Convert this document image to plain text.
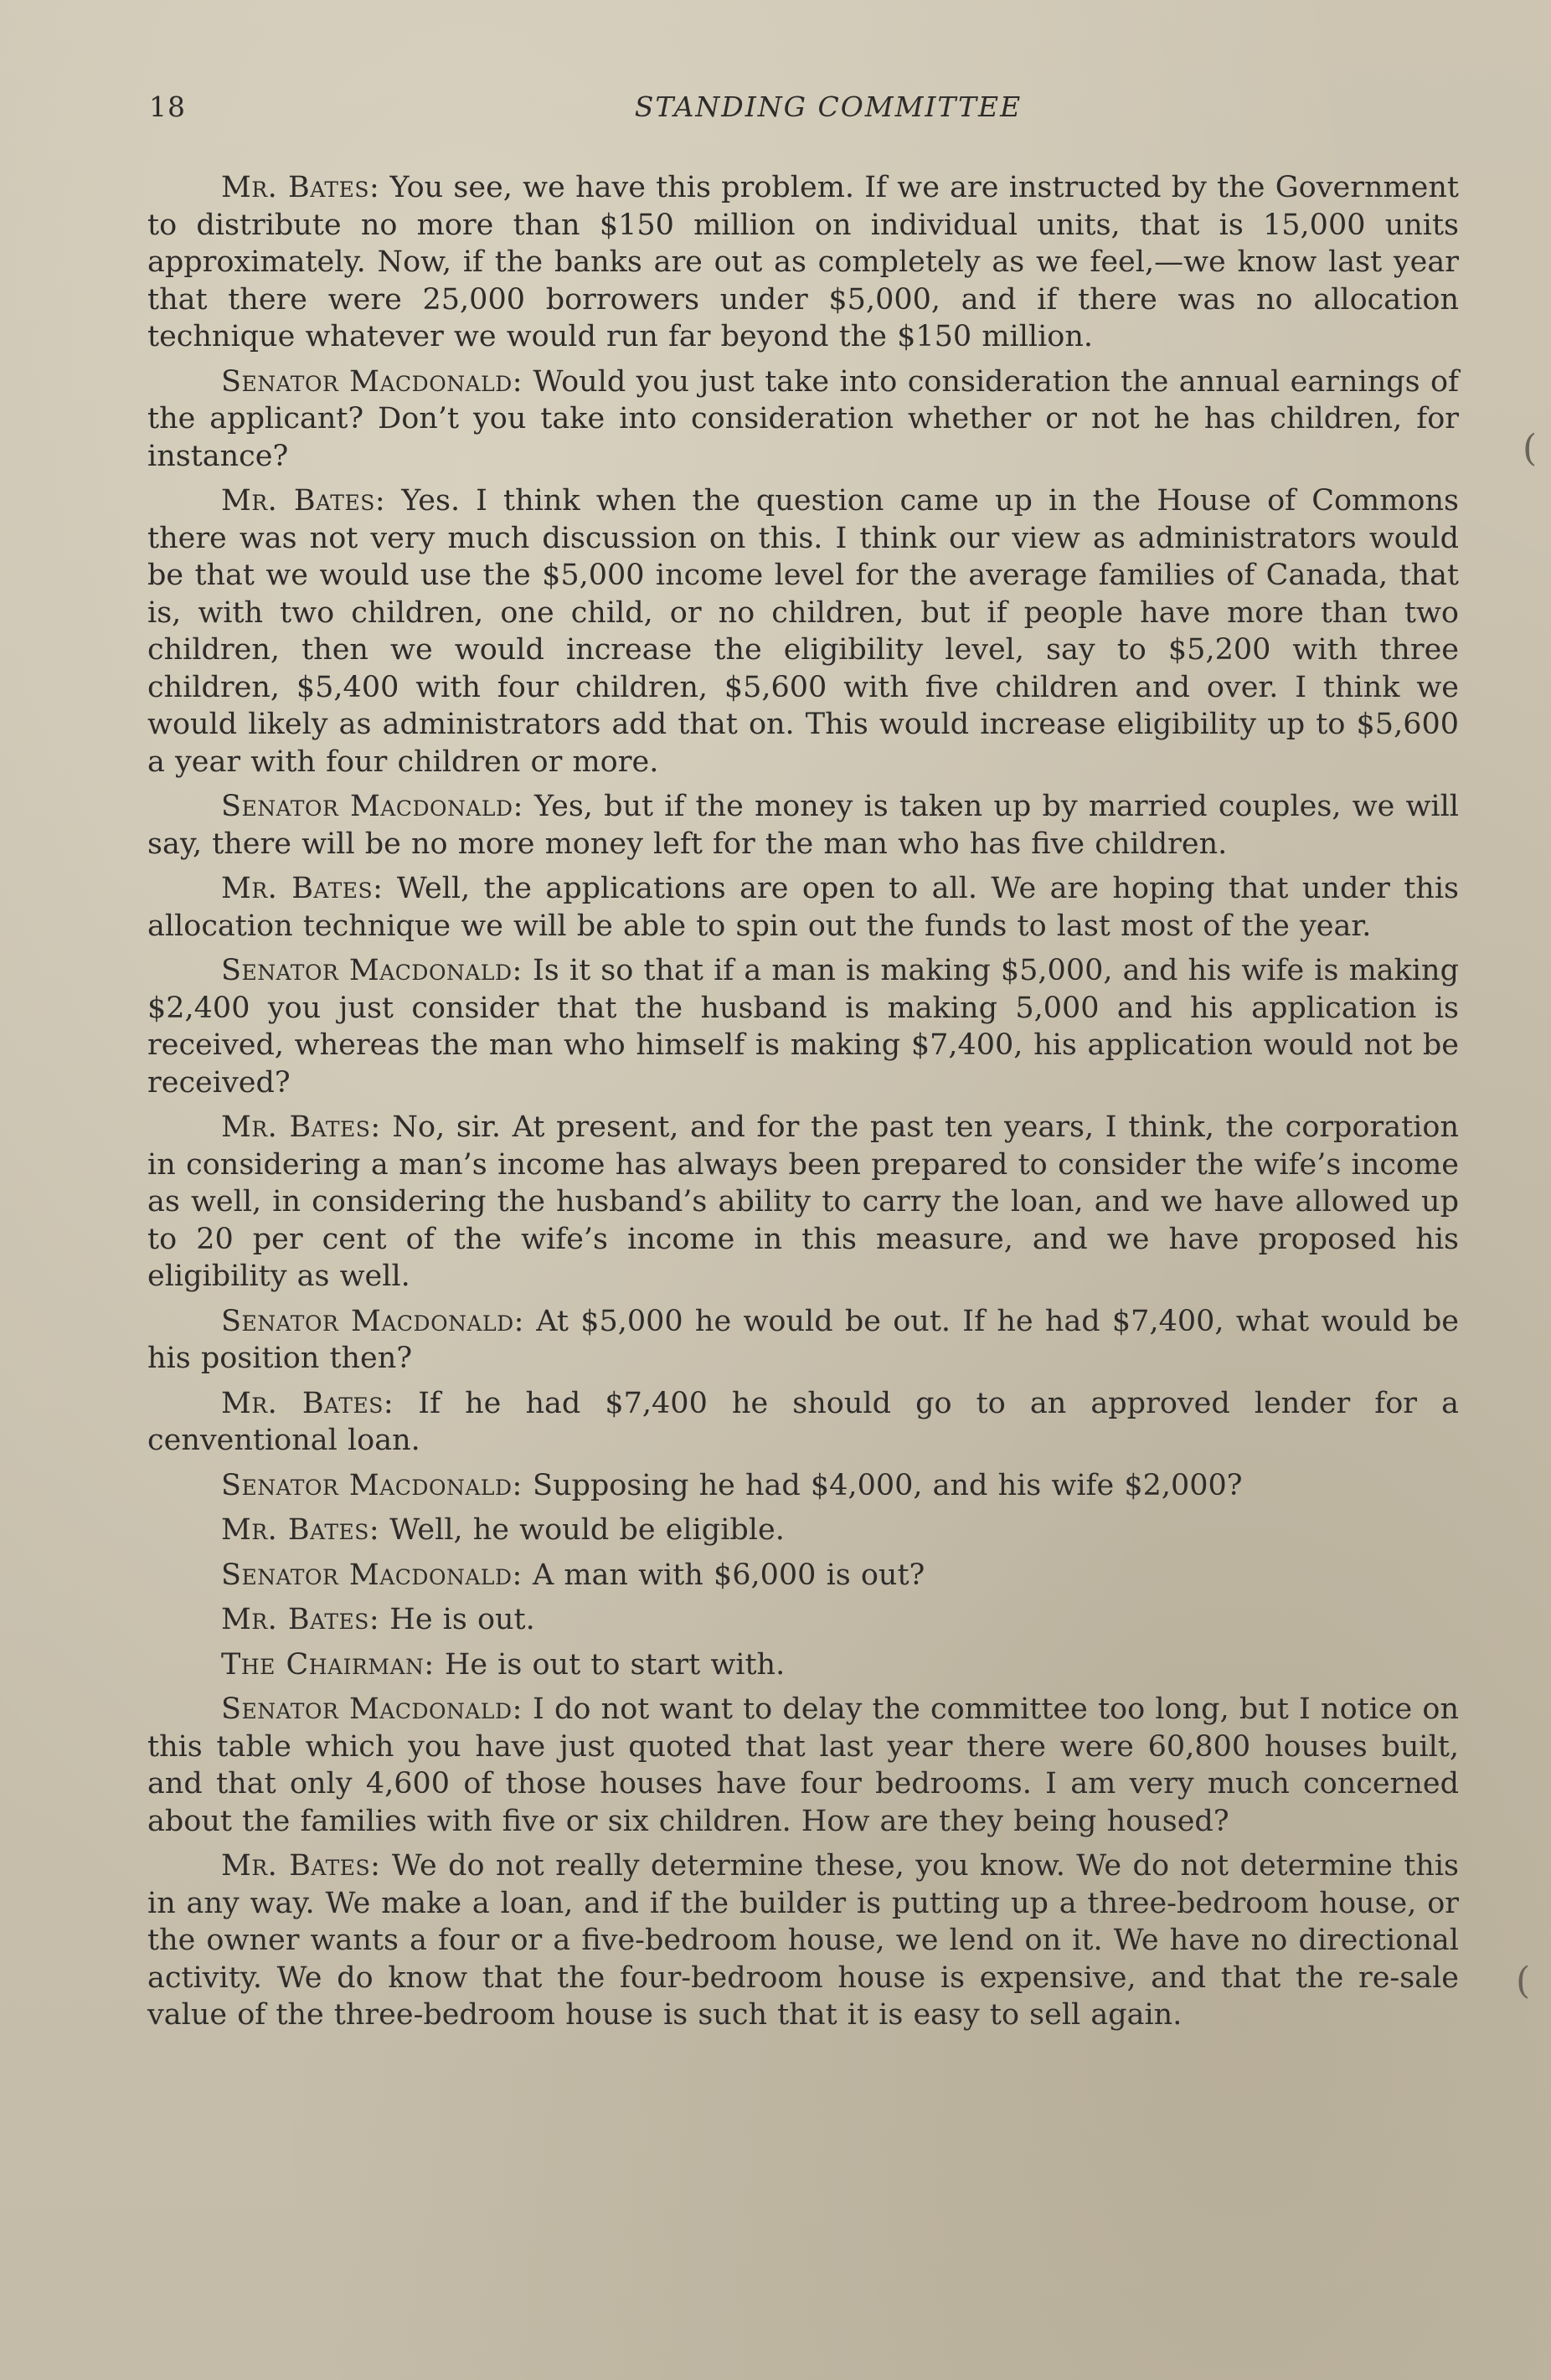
18	STANDING COMMITTEE

Mr. Bates: You see, we have this problem. If we are instructed by the Government to distribute no more than $150 million on individual units, that is 15,000 units approximately. Now, if the banks are out as completely as we feel,—we know last year that there were 25,000 borrowers under $5,000, and if there was no allocation technique whatever we would run far beyond the $150 million.

Senator Macdonald: Would you just take into consideration the annual earnings of the applicant? Don’t you take into consideration whether or not he has children, for instance?

Mr. Bates: Yes. I think when the question came up in the House of Commons there was not very much discussion on this. I think our view as administrators would be that we would use the $5,000 income level for the average families of Canada, that is, with two children, one child, or no children, but if people have more than two children, then we would increase the eligibility level, say to $5,200 with three children, $5,400 with four children, $5,600 with five children and over. I think we would likely as administrators add that on. This would increase eligibility up to $5,600 a year with four children or more.

Senator Macdonald: Yes, but if the money is taken up by married couples, we will say, there will be no more money left for the man who has five children.

Mr. Bates: Well, the applications are open to all. We are hoping that under this allocation technique we will be able to spin out the funds to last most of the year.

Senator Macdonald: Is it so that if a man is making $5,000, and his wife is making $2,400 you just consider that the husband is making 5,000 and his application is received, whereas the man who himself is making $7,400, his application would not be received?

Mr. Bates: No, sir. At present, and for the past ten years, I think, the corporation in considering a man’s income has always been prepared to consider the wife’s income as well, in considering the husband’s ability to carry the loan, and we have allowed up to 20 per cent of the wife’s income in this measure, and we have proposed his eligibility as well.

Senator Macdonald: At $5,000 he would be out. If he had $7,400, what would be his position then?

Mr. Bates: If he had $7,400 he should go to an approved lender for a cenventional loan.

Senator Macdonald: Supposing he had $4,000, and his wife $2,000?

Mr. Bates: Well, he would be eligible.

Senator Macdonald: A man with $6,000 is out?

Mr. Bates: He is out.

The Chairman: He is out to start with.

Senator Macdonald: I do not want to delay the committee too long, but I notice on this table which you have just quoted that last year there were 60,800 houses built, and that only 4,600 of those houses have four bedrooms. I am very much concerned about the families with five or six children. How are they being housed?

Mr. Bates: We do not really determine these, you know. We do not determine this in any way. We make a loan, and if the builder is putting up a three-bedroom house, or the owner wants a four or a five-bedroom house, we lend on it. We have no directional activity. We do know that the four-bedroom house is expensive, and that the re-sale value of the three-bedroom house is such that it is easy to sell again.

(
(
